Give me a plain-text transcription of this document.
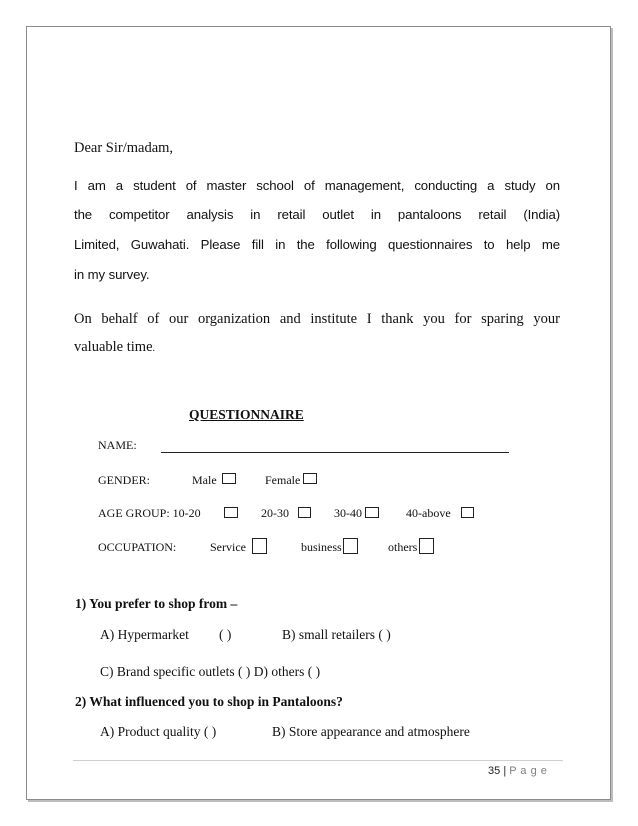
Dear Sir/madam,
I am a student of master school of management, conducting a study on
the competitor analysis in retail outlet in pantaloons retail (India)
Limited, Guwahati. Please fill in the following questionnaires to help me
in my survey.
On behalf of our organization and institute I thank you for sparing your
valuable time.
QUESTIONNAIRE
NAME:
GENDER:	Male	Female
AGE GROUP: 10-20	20-30	30-40	40-above
OCCUPATION:	Service	business	others
1) You prefer to shop from –
A) Hypermarket ( )	B) small retailers ( )
C) Brand specific outlets ( ) D) others ( )
2) What influenced you to shop in Pantaloons?
A) Product quality ( )	B) Store appearance and atmosphere
35 | P a g e
